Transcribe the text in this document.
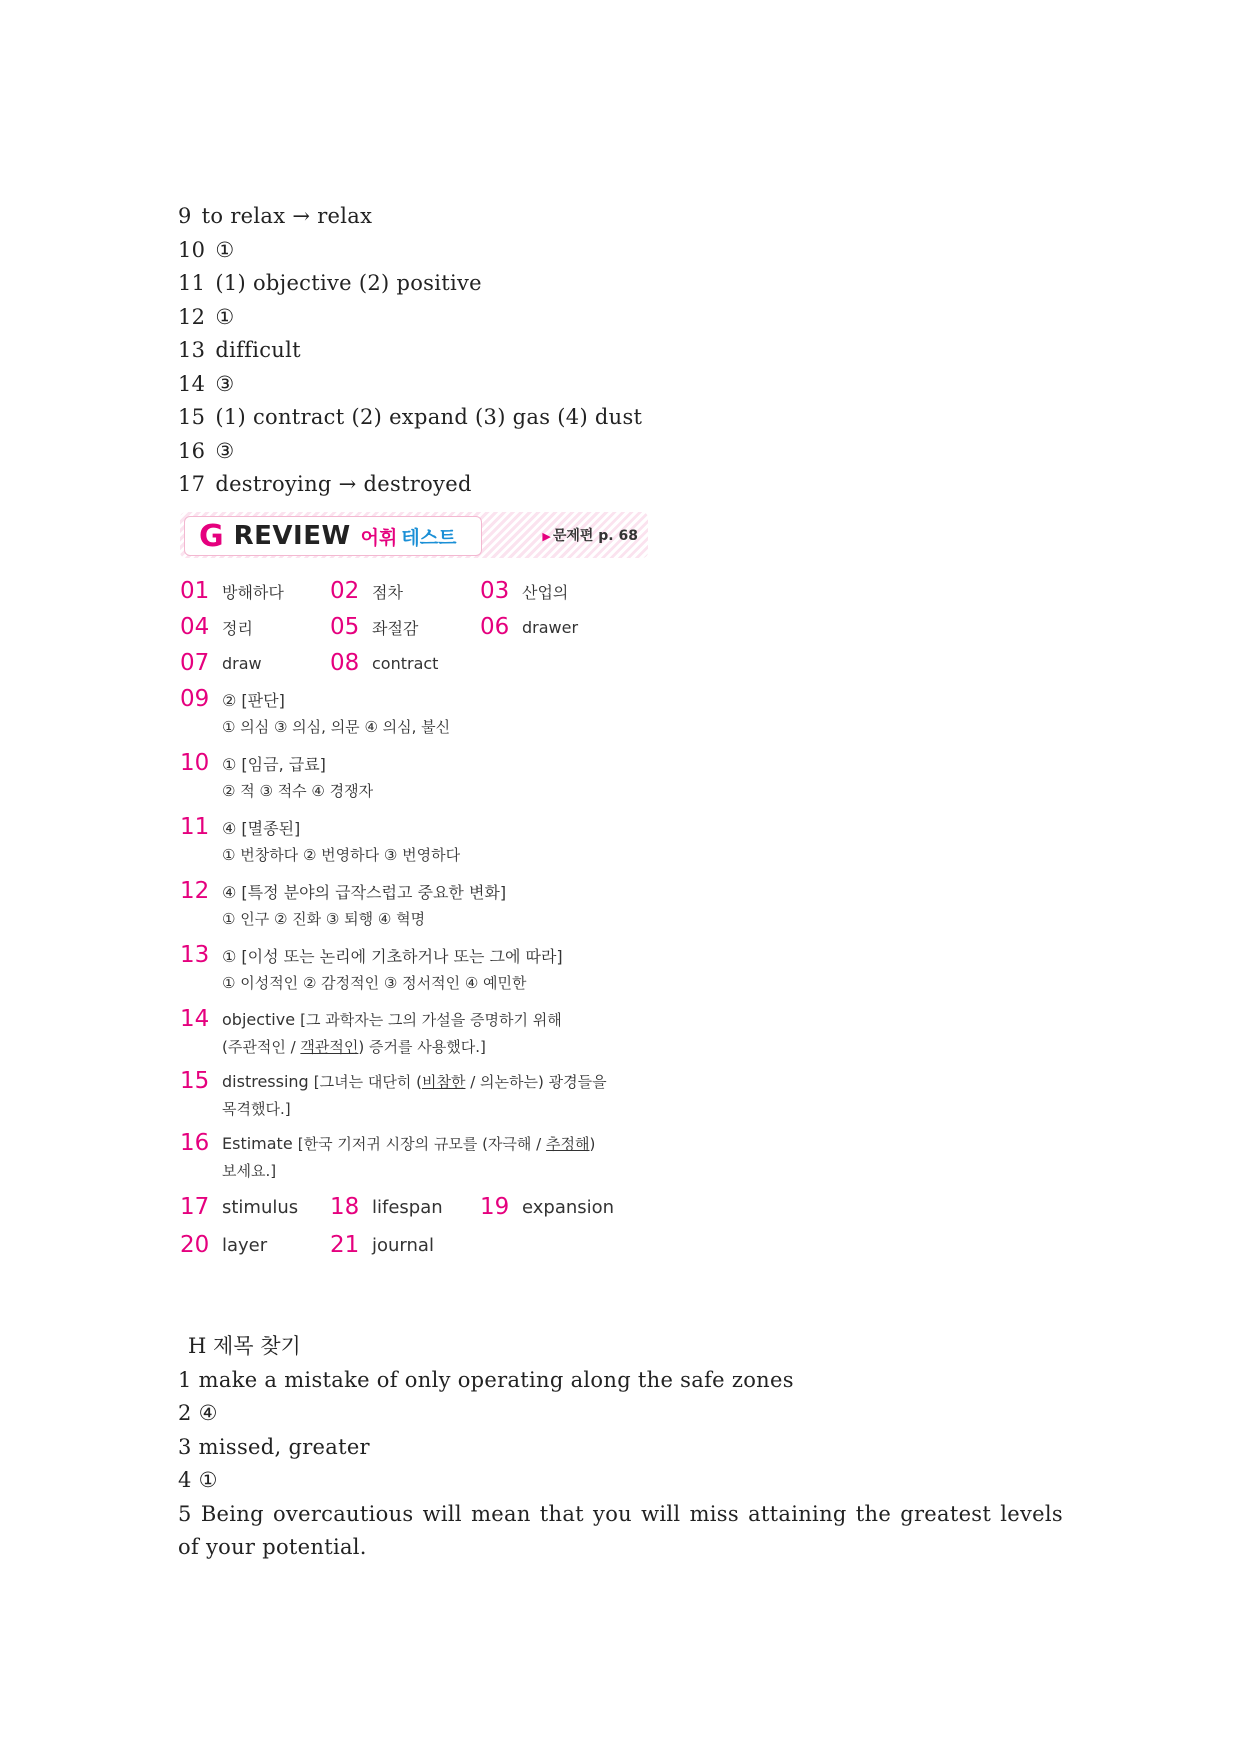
9 to relax → relax
10 ①
11 (1) objective (2) positive
12 ①
13 difficult
14 ③
15 (1) contract (2) expand (3) gas (4) dust
16 ③
17 destroying → destroyed
G REVIEW 어휘 테스트	▶ 문제편 p. 68
01 방해하다 02 점차	03 산업의
04 정리	05 좌절감	06 drawer
07 draw	08 contract
09 ② [판단]
① 의심 ③ 의심, 의문 ④ 의심, 불신
10 ① [임금, 급료]
② 적 ③ 적수 ④ 경쟁자
11 ④ [멸종된]
① 번창하다 ② 번영하다 ③ 번영하다
12 ④ [특정 분야의 급작스럽고 중요한 변화]
① 인구 ② 진화 ③ 퇴행 ④ 혁명
13 ① [이성 또는 논리에 기초하거나 또는 그에 따라]
① 이성적인 ② 감정적인 ③ 정서적인 ④ 예민한
14 objective [그 과학자는 그의 가설을 증명하기 위해
(주관적인 / 객관적인) 증거를 사용했다.]
15 distressing [그녀는 대단히 (비참한 / 의논하는) 광경들을
목격했다.]
16 Estimate [한국 기저귀 시장의 규모를 (자극해 / 추정해)
보세요.]
17 stimulus 18 lifespan 19 expansion
20 layer	21 journal
H 제목 찾기
1 make a mistake of only operating along the safe zones
2 ④
3 missed, greater
4 ①
5 Being overcautious will mean that you will miss attaining the greatest levels of your potential.
